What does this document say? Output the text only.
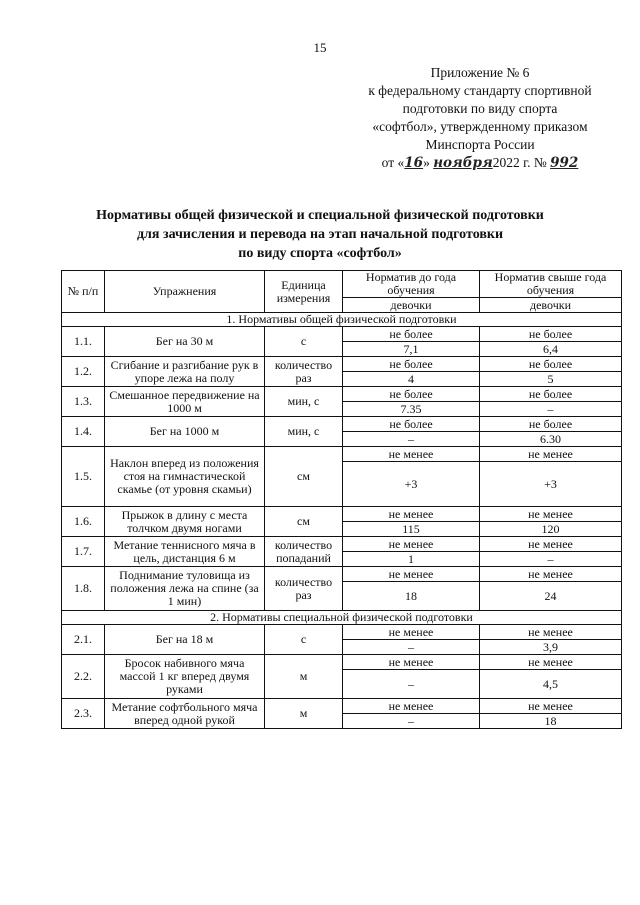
15
Приложение № 6
к федеральному стандарту спортивной
подготовки по виду спорта
«софтбол», утвержденному приказом
Минспорта России
от «16» ноября2022 г. № 992
Нормативы общей физической и специальной физической подготовки
для зачисления и перевода на этап начальной подготовки
по виду спорта «софтбол»
№ п/п	Упражнения	Единица измерения	Норматив до года обучения	Норматив свыше года обучения
			девочки	девочки
1. Нормативы общей физической подготовки				
1.1.	Бег на 30 м	с	не более	не более
			7,1	6,4
1.2.	Сгибание и разгибание рук в упоре лежа на полу	количество раз	не более	не более
			4	5
1.3.	Смешанное передвижение на 1000 м	мин, с	не более	не более
			7.35	–
1.4.	Бег на 1000 м	мин, с	не более	не более
			–	6.30
1.5.	Наклон вперед из положения стоя на гимнастической скамье (от уровня скамьи)	см	не менее	не менее
			+3	+3
1.6.	Прыжок в длину с места толчком двумя ногами	см	не менее	не менее
			115	120
1.7.	Метание теннисного мяча в цель, дистанция 6 м	количество попаданий	не менее	не менее
			1	–
1.8.	Поднимание туловища из положения лежа на спине (за 1 мин)	количество раз	не менее	не менее
			18	24
2. Нормативы специальной физической подготовки				
2.1.	Бег на 18 м	с	не менее	не менее
			–	3,9
2.2.	Бросок набивного мяча массой 1 кг вперед двумя руками	м	не менее	не менее
			–	4,5
2.3.	Метание софтбольного мяча вперед одной рукой	м	не менее	не менее
			–	18
